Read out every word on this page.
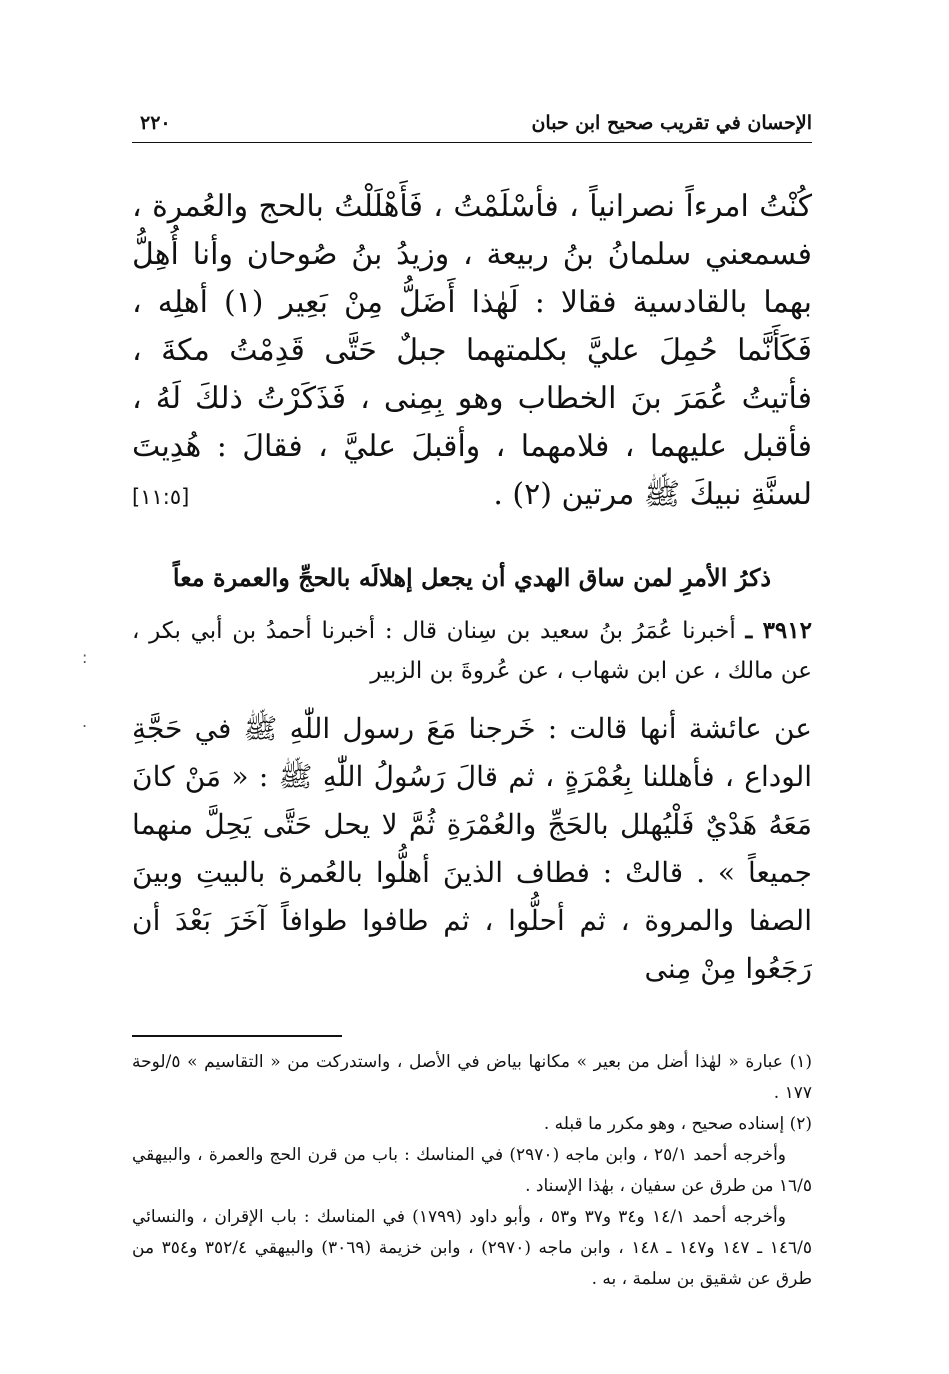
الإحسان في تقريب صحيح ابن حبان
٢٢٠

كُنْتُ امرءاً نصرانياً ، فأسْلَمْتُ ، فَأَهْلَلْتُ بالحج والعُمرة ، فسمعني سلمانُ بنُ ربيعة ، وزيدُ بنُ صُوحان وأنا أُهِلُّ بهما بالقادسية فقالا : لَهٰذا أَضَلُّ مِنْ بَعِير (١) أهلِه ، فَكَأَنَّما حُمِلَ عليَّ بكلمتهما جبلٌ حَتَّى قَدِمْتُ مكةَ ، فأتيتُ عُمَرَ بنَ الخطاب وهو بِمِنى ، فَذَكَرْتُ ذلكَ لَهُ ، فأقبل عليهما ، فلامهما ، وأقبلَ عليَّ ، فقالَ : هُدِيتَ لسنَّةِ نبيكَ ﷺ مرتين (٢) .
[١١:٥]

ذكرُ الأمرِ لمن ساق الهدي أن يجعل إهلالَه بالحجِّ والعمرة معاً
٣٩١٢ ـ أخبرنا عُمَرُ بنُ سعيد بن سِنان قال : أخبرنا أحمدُ بن أبي بكر ، عن مالك ، عن ابن شهاب ، عن عُروةَ بن الزبير
عن عائشة أنها قالت : خَرجنا مَعَ رسول اللّٰهِ ﷺ في حَجَّةِ الوداع ، فأهللنا بِعُمْرَةٍ ، ثم قالَ رَسُولُ اللّٰهِ ﷺ : « مَنْ كانَ مَعَهُ هَدْيٌ فَلْيُهلل بالحَجِّ والعُمْرَةِ ثُمَّ لا يحل حَتَّى يَحِلَّ منهما جميعاً » . قالتْ : فطاف الذينَ أهلُّوا بالعُمرة بالبيتِ وبينَ الصفا والمروة ، ثم أحلُّوا ، ثم طافوا طوافاً آخَرَ بَعْدَ أن رَجَعُوا مِنْ مِنى

(١) عبارة « لهٰذا أضل من بعير » مكانها بياض في الأصل ، واستدركت من « التقاسيم » ٥/لوحة ١٧٧ .

(٢) إسناده صحيح ، وهو مكرر ما قبله .

وأخرجه أحمد ٢٥/١ ، وابن ماجه (٢٩٧٠) في المناسك : باب من قرن الحج والعمرة ، والبيهقي ١٦/٥ من طرق عن سفيان ، بهٰذا الإسناد .

وأخرجه أحمد ١٤/١ و٣٤ و٣٧ و٥٣ ، وأبو داود (١٧٩٩) في المناسك : باب الإقران ، والنسائي ١٤٦/٥ ـ ١٤٧ و١٤٧ ـ ١٤٨ ، وابن ماجه (٢٩٧٠) ، وابن خزيمة (٣٠٦٩) والبيهقي ٣٥٢/٤ و٣٥٤ من طرق عن شقيق بن سلمة ، به .

:
.
